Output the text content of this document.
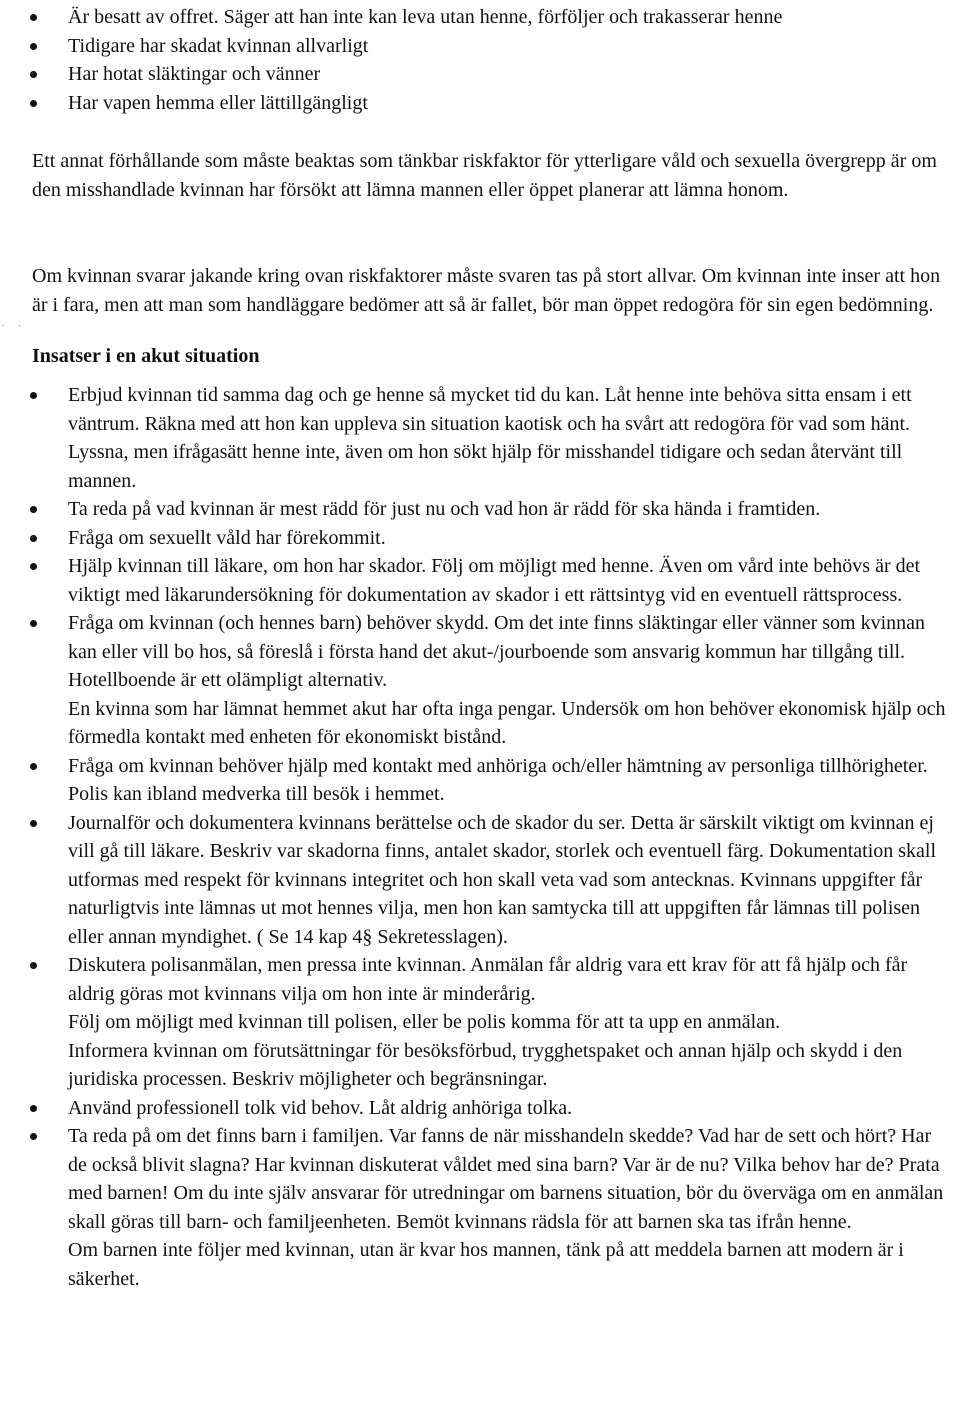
Är besatt av offret. Säger att han inte kan leva utan henne, förföljer och trakasserar henne
Tidigare har skadat kvinnan allvarligt
Har hotat släktingar och vänner
Har vapen hemma eller lättillgängligt

Ett annat förhållande som måste beaktas som tänkbar riskfaktor för ytterligare våld och sexuella övergrepp är om den misshandlade kvinnan har försökt att lämna mannen eller öppet planerar att lämna honom.

Om kvinnan svarar jakande kring ovan riskfaktorer måste svaren tas på stort allvar. Om kvinnan inte inser att hon är i fara, men att man som handläggare bedömer att så är fallet, bör man öppet redogöra för sin egen bedömning.

. .
Insatser i en akut situation
Erbjud kvinnan tid samma dag och ge henne så mycket tid du kan. Låt henne inte behöva sitta ensam i ett väntrum. Räkna med att hon kan uppleva sin situation kaotisk och ha svårt att redogöra för vad som hänt. Lyssna, men ifrågasätt henne inte, även om hon sökt hjälp för misshandel tidigare och sedan återvänt till mannen.
Ta reda på vad kvinnan är mest rädd för just nu och vad hon är rädd för ska hända i framtiden.
Fråga om sexuellt våld har förekommit.
Hjälp kvinnan till läkare, om hon har skador. Följ om möjligt med henne. Även om vård inte behövs är det viktigt med läkarundersökning för dokumentation av skador i ett rättsintyg vid en eventuell rättsprocess.
Fråga om kvinnan (och hennes barn) behöver skydd. Om det inte finns släktingar eller vänner som kvinnan kan eller vill bo hos, så föreslå i första hand det akut-/jourboende som ansvarig kommun har tillgång till. Hotellboende är ett olämpligt alternativ.
En kvinna som har lämnat hemmet akut har ofta inga pengar. Undersök om hon behöver ekonomisk hjälp och förmedla kontakt med enheten för ekonomiskt bistånd.
Fråga om kvinnan behöver hjälp med kontakt med anhöriga och/eller hämtning av personliga tillhörigheter. Polis kan ibland medverka till besök i hemmet.
Journalför och dokumentera kvinnans berättelse och de skador du ser. Detta är särskilt viktigt om kvinnan ej vill gå till läkare. Beskriv var skadorna finns, antalet skador, storlek och eventuell färg. Dokumentation skall utformas med respekt för kvinnans integritet och hon skall veta vad som antecknas. Kvinnans uppgifter får naturligtvis inte lämnas ut mot hennes vilja, men hon kan samtycka till att uppgiften får lämnas till polisen eller annan myndighet. ( Se 14 kap 4§ Sekretesslagen).
Diskutera polisanmälan, men pressa inte kvinnan. Anmälan får aldrig vara ett krav för att få hjälp och får aldrig göras mot kvinnans vilja om hon inte är minderårig.
Följ om möjligt med kvinnan till polisen, eller be polis komma för att ta upp en anmälan.
Informera kvinnan om förutsättningar för besöksförbud, trygghetspaket och annan hjälp och skydd i den juridiska processen. Beskriv möjligheter och begränsningar.
Använd professionell tolk vid behov. Låt aldrig anhöriga tolka.
Ta reda på om det finns barn i familjen. Var fanns de när misshandeln skedde? Vad har de sett och hört? Har de också blivit slagna? Har kvinnan diskuterat våldet med sina barn? Var är de nu? Vilka behov har de? Prata med barnen! Om du inte själv ansvarar för utredningar om barnens situation, bör du överväga om en anmälan skall göras till barn- och familjeenheten. Bemöt kvinnans rädsla för att barnen ska tas ifrån henne.
Om barnen inte följer med kvinnan, utan är kvar hos mannen, tänk på att meddela barnen att modern är i säkerhet.
